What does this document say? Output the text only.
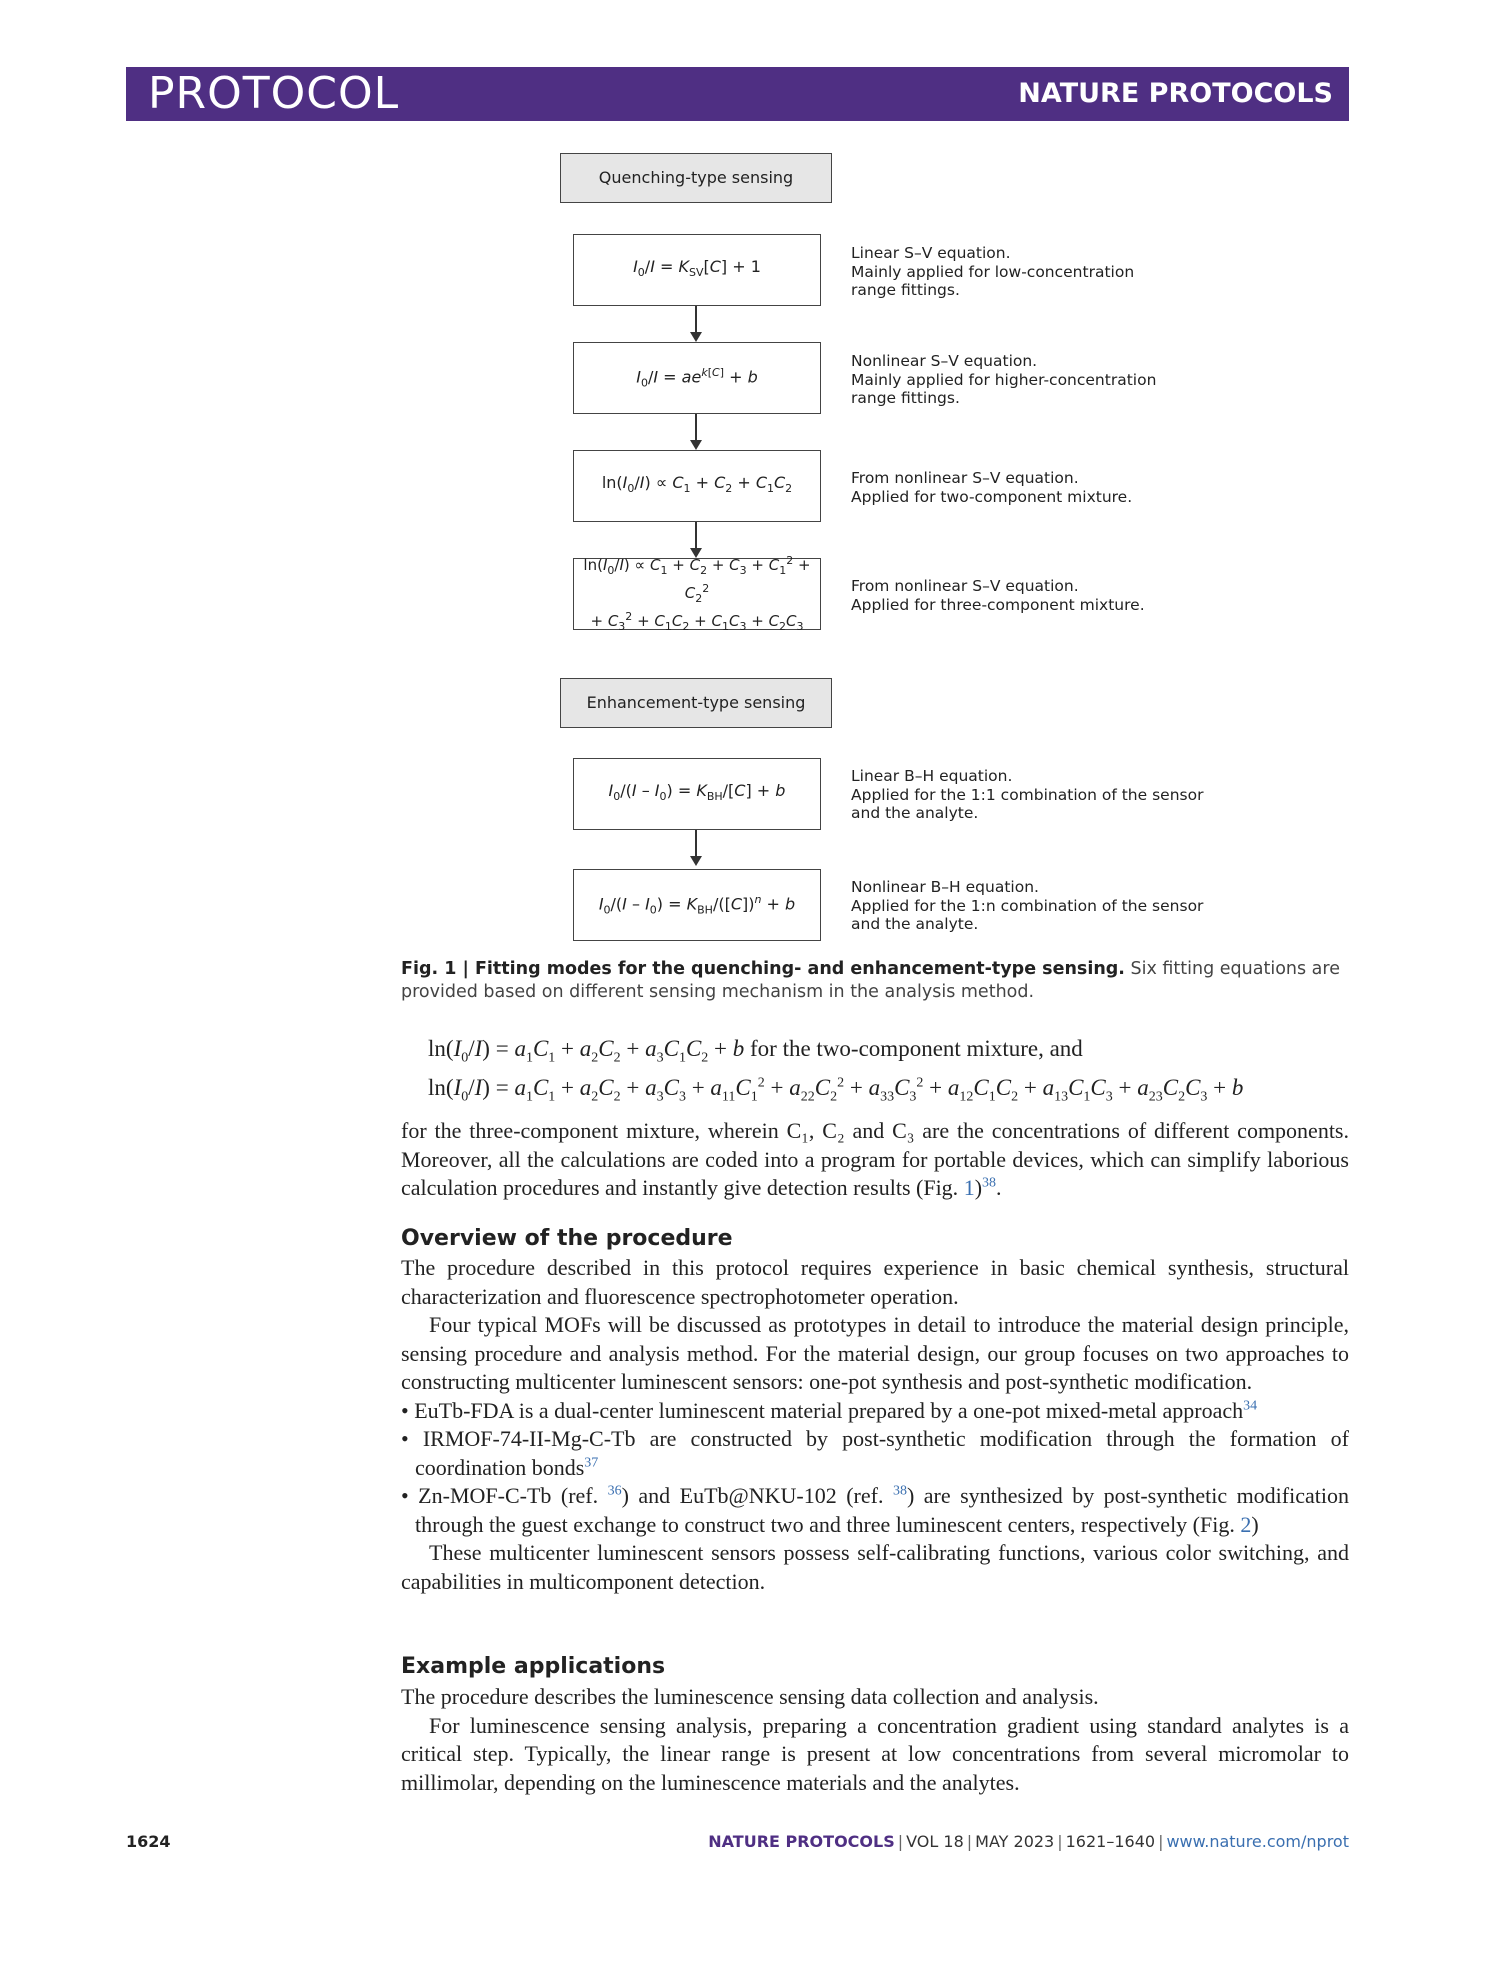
PROTOCOL	NATURE PROTOCOLS
Quenching-type sensing
$I_0/I = K_{SV}[C] + 1$
$I_0/I = ae^{k[C]} + b$
$\ln(I_0/I) \propto C_1 + C_2 + C_1C_2$
$\ln(I_0/I) \propto C_1 + C_2 + C_3 + C_1^2 + C_2^2$
+ $C_3^2 + C_1C_2 + C_1C_3 + C_2C_3$
Linear S–V equation.
Mainly applied for low-concentration
range fittings.
Nonlinear S–V equation.
Mainly applied for higher-concentration
range fittings.
From nonlinear S–V equation.
Applied for two-component mixture.
From nonlinear S–V equation.
Applied for three-component mixture.
Enhancement-type sensing
$I_0/(I - I_0) = K_{BH}/[C] + b$
$I_0/(I - I_0) = K_{BH}/([C])^n + b$
Linear B–H equation.
Applied for the 1:1 combination of the sensor
and the analyte.
Nonlinear B–H equation.
Applied for the 1:n combination of the sensor
and the analyte.
Fig. 1 | Fitting modes for the quenching- and enhancement-type sensing. Six fitting equations are provided based on different sensing mechanism in the analysis method.
$\ln(I_0/I) = a_1C_1 + a_2C_2 + a_3C_1C_2 + b$ for the two-component mixture, and
$\ln(I_0/I) = a_1C_1 + a_2C_2 + a_3C_3 + a_{11}C_1^2 + a_{22}C_2^2 + a_{33}C_3^2 + a_{12}C_1C_2 + a_{13}C_1C_3 + a_{23}C_2C_3 + b$

for the three-component mixture, wherein C₁, C₂ and C₃ are the concentrations of different components. Moreover, all the calculations are coded into a program for portable devices, which can simplify laborious calculation procedures and instantly give detection results (Fig. 1)$^{38}$.

Overview of the procedure

The procedure described in this protocol requires experience in basic chemical synthesis, structural characterization and fluorescence spectrophotometer operation.

Four typical MOFs will be discussed as prototypes in detail to introduce the material design principle, sensing procedure and analysis method. For the material design, our group focuses on two approaches to constructing multicenter luminescent sensors: one-pot synthesis and post-synthetic modification.

• EuTb-FDA is a dual-center luminescent material prepared by a one-pot mixed-metal approach$^{34}$

• IRMOF-74-II-Mg-C-Tb are constructed by post-synthetic modification through the formation of coordination bonds$^{37}$

• Zn-MOF-C-Tb (ref. $^{36}$) and EuTb@NKU-102 (ref. $^{38}$) are synthesized by post-synthetic modification through the guest exchange to construct two and three luminescent centers, respectively (Fig. 2)

These multicenter luminescent sensors possess self-calibrating functions, various color switching, and capabilities in multicomponent detection.

Example applications

The procedure describes the luminescence sensing data collection and analysis.

For luminescence sensing analysis, preparing a concentration gradient using standard analytes is a critical step. Typically, the linear range is present at low concentrations from several micromolar to millimolar, depending on the luminescence materials and the analytes.

1624	NATURE PROTOCOLS | VOL 18 | MAY 2023 | 1621–1640 | www.nature.com/nprot
